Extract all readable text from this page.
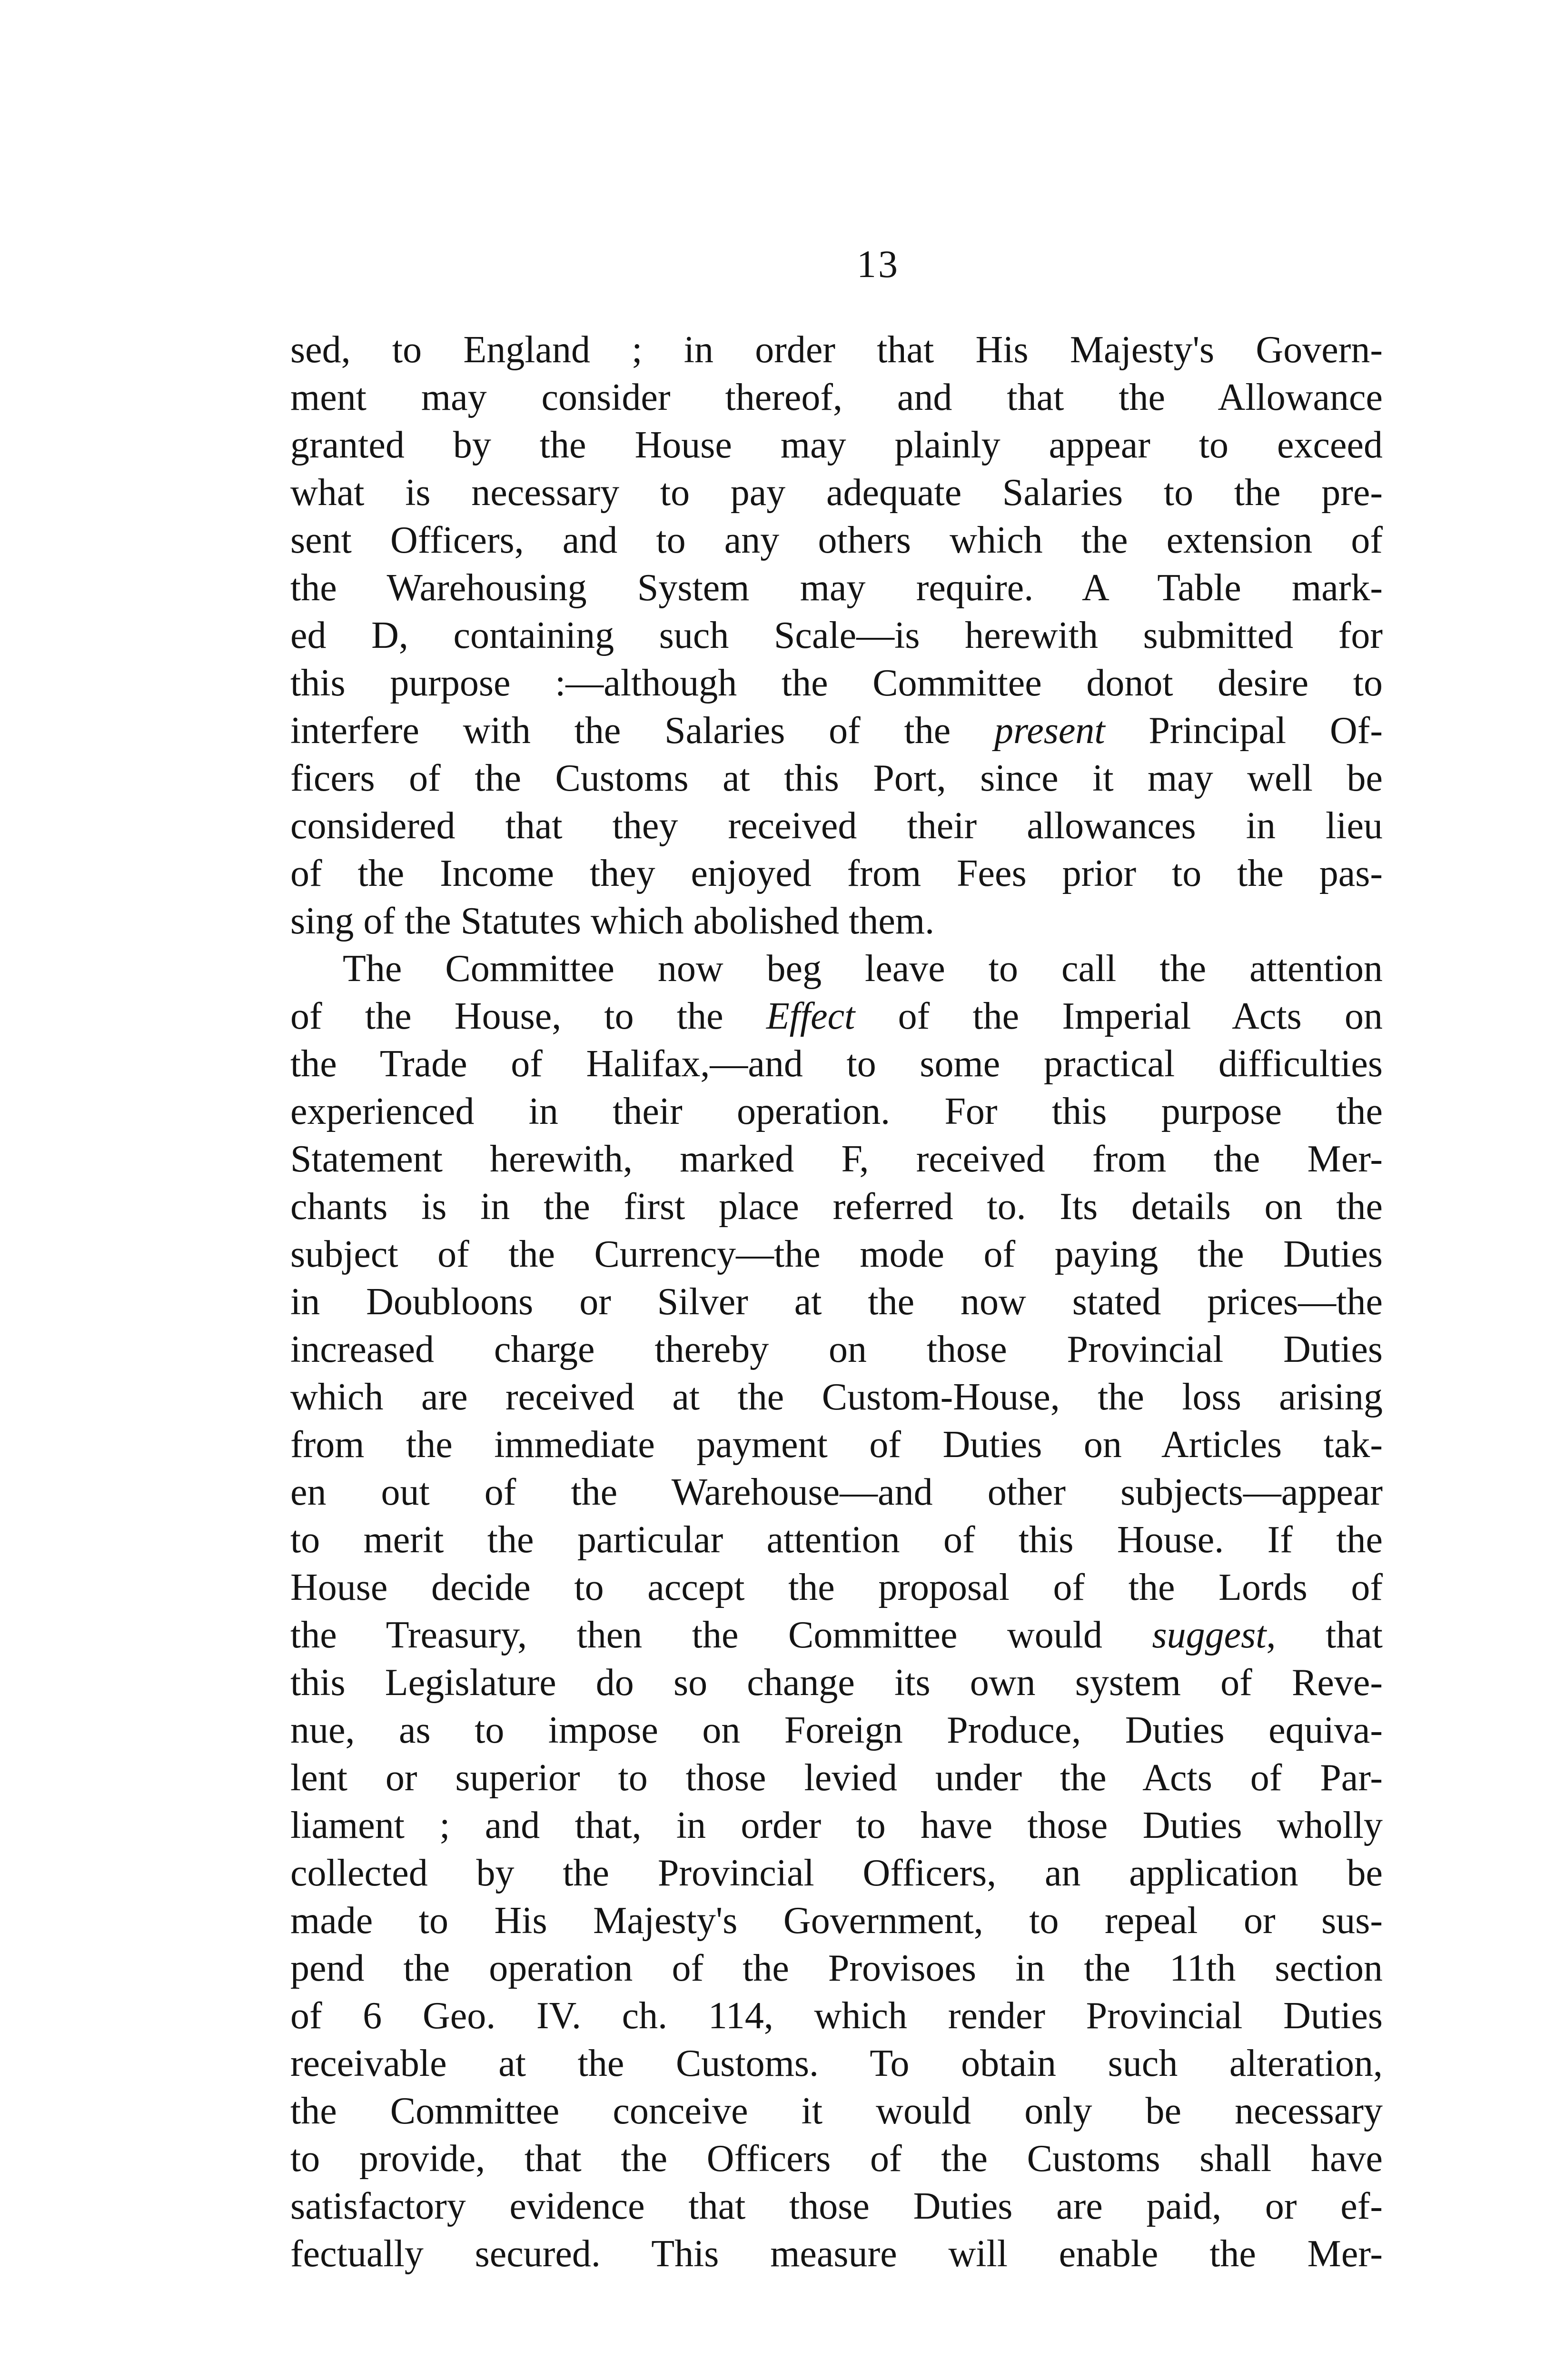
13
sed, to England ; in order that His Majesty's Govern-
ment may consider thereof, and that the Allowance
granted by the House may plainly appear to exceed
what is necessary to pay adequate Salaries to the pre-
sent Officers, and to any others which the extension of
the Warehousing System may require. A Table mark-
ed D, containing such Scale—is herewith submitted for
this purpose :—although the Committee donot desire to
interfere with the Salaries of the present Principal Of-
ficers of the Customs at this Port, since it may well be
considered that they received their allowances in lieu
of the Income they enjoyed from Fees prior to the pas-
sing of the Statutes which abolished them.
The Committee now beg leave to call the attention
of the House, to the Effect of the Imperial Acts on
the Trade of Halifax,—and to some practical difficulties
experienced in their operation. For this purpose the
Statement herewith, marked F, received from the Mer-
chants is in the first place referred to. Its details on the
subject of the Currency—the mode of paying the Duties
in Doubloons or Silver at the now stated prices—the
increased charge thereby on those Provincial Duties
which are received at the Custom-House, the loss arising
from the immediate payment of Duties on Articles tak-
en out of the Warehouse—and other subjects—appear
to merit the particular attention of this House. If the
House decide to accept the proposal of the Lords of
the Treasury, then the Committee would suggest, that
this Legislature do so change its own system of Reve-
nue, as to impose on Foreign Produce, Duties equiva-
lent or superior to those levied under the Acts of Par-
liament ; and that, in order to have those Duties wholly
collected by the Provincial Officers, an application be
made to His Majesty's Government, to repeal or sus-
pend the operation of the Provisoes in the 11th section
of 6 Geo. IV. ch. 114, which render Provincial Duties
receivable at the Customs. To obtain such alteration,
the Committee conceive it would only be necessary
to provide, that the Officers of the Customs shall have
satisfactory evidence that those Duties are paid, or ef-
fectually secured. This measure will enable the Mer-
